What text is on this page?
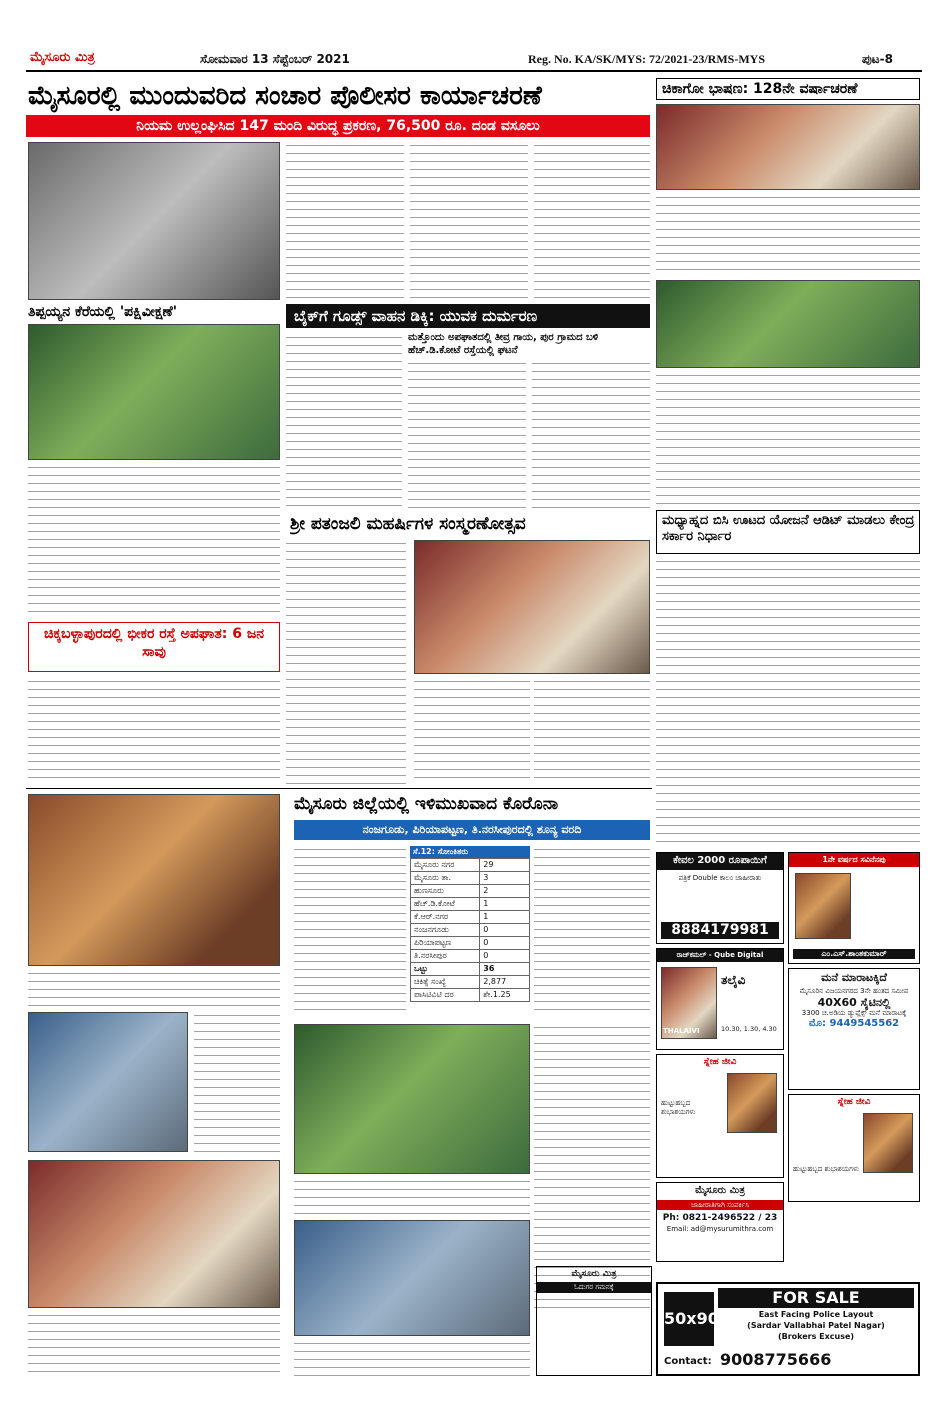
ಮೈಸೂರು ಮಿತ್ರ	ಸೋಮವಾರ 13 ಸೆಪ್ಟೆಂಬರ್ 2021	Reg. No. KA/SK/MYS: 72/2021-23/RMS-MYS	ಪುಟ-8
ಮೈಸೂರಲ್ಲಿ ಮುಂದುವರಿದ ಸಂಚಾರ ಪೊಲೀಸರ ಕಾರ್ಯಾಚರಣೆ
ನಿಯಮ ಉಲ್ಲಂಘಿಸಿದ 147 ಮಂದಿ ವಿರುದ್ಧ ಪ್ರಕರಣ, 76,500 ರೂ. ದಂಡ ವಸೂಲು
ಚಿಕಾಗೋ ಭಾಷಣ: 128ನೇ ವರ್ಷಾಚರಣೆ
ತಿಪ್ಪಯ್ಯನ ಕೆರೆಯಲ್ಲಿ 'ಪಕ್ಷಿವೀಕ್ಷಣೆ'	ಬೈಕ್‌ಗೆ ಗೂಡ್ಸ್ ವಾಹನ ಡಿಕ್ಕಿ: ಯುವಕ ದುರ್ಮರಣ
ಮತ್ತೊಂದು ಅಪಘಾತದಲ್ಲಿ ತೀವ್ರ ಗಾಯ, ಪುರ ಗ್ರಾಮದ ಬಳಿ ಹೆಚ್.ಡಿ.ಕೋಟೆ ರಸ್ತೆಯಲ್ಲಿ ಘಟನೆ
ಶ್ರೀ ಪತಂಜಲಿ ಮಹರ್ಷಿಗಳ ಸಂಸ್ಮರಣೋತ್ಸವ
ಚಿಕ್ಕಬಳ್ಳಾಪುರದಲ್ಲಿ ಭೀಕರ ರಸ್ತೆ ಅಪಘಾತ: 6 ಜನ ಸಾವು
ಮಧ್ಯಾಹ್ನದ ಬಿಸಿ ಊಟದ ಯೋಜನೆ ಆಡಿಟ್ ಮಾಡಲು ಕೇಂದ್ರ ಸರ್ಕಾರ ನಿರ್ಧಾರ
ಮೈಸೂರು ಜಿಲ್ಲೆಯಲ್ಲಿ ಇಳಿಮುಖವಾದ ಕೊರೊನಾ
ನಂಜಗೂಡು, ಪಿರಿಯಾಪಟ್ಟಣ, ತಿ.ನರಸೀಪುರದಲ್ಲಿ ಶೂನ್ಯ ವರದಿ
ಸೆ.12: ಸೋಂಕಿತರು
ಮೈಸೂರು ನಗರ	29
ಮೈಸೂರು ತಾ.	3
ಹುಣಸೂರು	2
ಹೆಚ್.ಡಿ.ಕೋಟೆ	1
ಕೆ.ಆರ್.ನಗರ	1
ನಂಜನಗೂಡು	0
ಪಿರಿಯಾಪಟ್ಟಣ	0
ತಿ.ನರಸೀಪುರ	0
ಒಟ್ಟು	36
ಚಿಕಿತ್ಸೆ ಸಂಖ್ಯೆ	2,877
ಪಾಸಿಟಿವಿಟಿ ದರ	ಶೇ.1.25
ಕೇವಲ 2000 ರೂಪಾಯಿಗೆ
ಪತ್ರಿಕೆ Double ಕಾಲಂ ಜಾಹೀರಾತು
8884179981
1ನೇ ವರ್ಷದ ಸವಿನೆನಪು
ಎಂ.ಎಸ್.ಶಾಂತಕುಮಾರ್
ರಾಜ್‌ಕಮಲ್ - Qube Digital
ತಲೈವಿ
THALAIVI	10.30, 1.30, 4.30
ಮನೆ ಮಾರಾಟಕ್ಕಿದೆ
ಮೈಸೂರಿನ ವಿಜಯನಗರದ 3ನೇ ಹಂತದ ಸಮೀಪ
40X60 ಸೈಟಿನಲ್ಲಿ
3300 ಚ.ಅಡಿಯ ಡ್ಯುಪ್ಲೆಕ್ಸ್ ಮನೆ ಮಾರಾಟಕ್ಕೆ
ಮೊ: 9449545562
ಸ್ನೇಹ ಜೀವಿ
ಹುಟ್ಟುಹಬ್ಬದ ಶುಭಾಶಯಗಳು
ಸ್ನೇಹ ಜೀವಿ
ಹುಟ್ಟುಹಬ್ಬದ ಶುಭಾಶಯಗಳು
ಮೈಸೂರು ಮಿತ್ರ
ಜಾಹೀರಾತಿಗಾಗಿ ಸಂಪರ್ಕಿಸಿ
Ph: 0821-2496522 / 23
Email: ad@mysurumithra.com
ಮೈಸೂರು ಮಿತ್ರ
ಓದುಗರ ಗಮನಕ್ಕೆ
50x90
FOR SALE
East Facing Police Layout
(Sardar Vallabhai Patel Nagar)
(Brokers Excuse)
Contact: 9008775666
